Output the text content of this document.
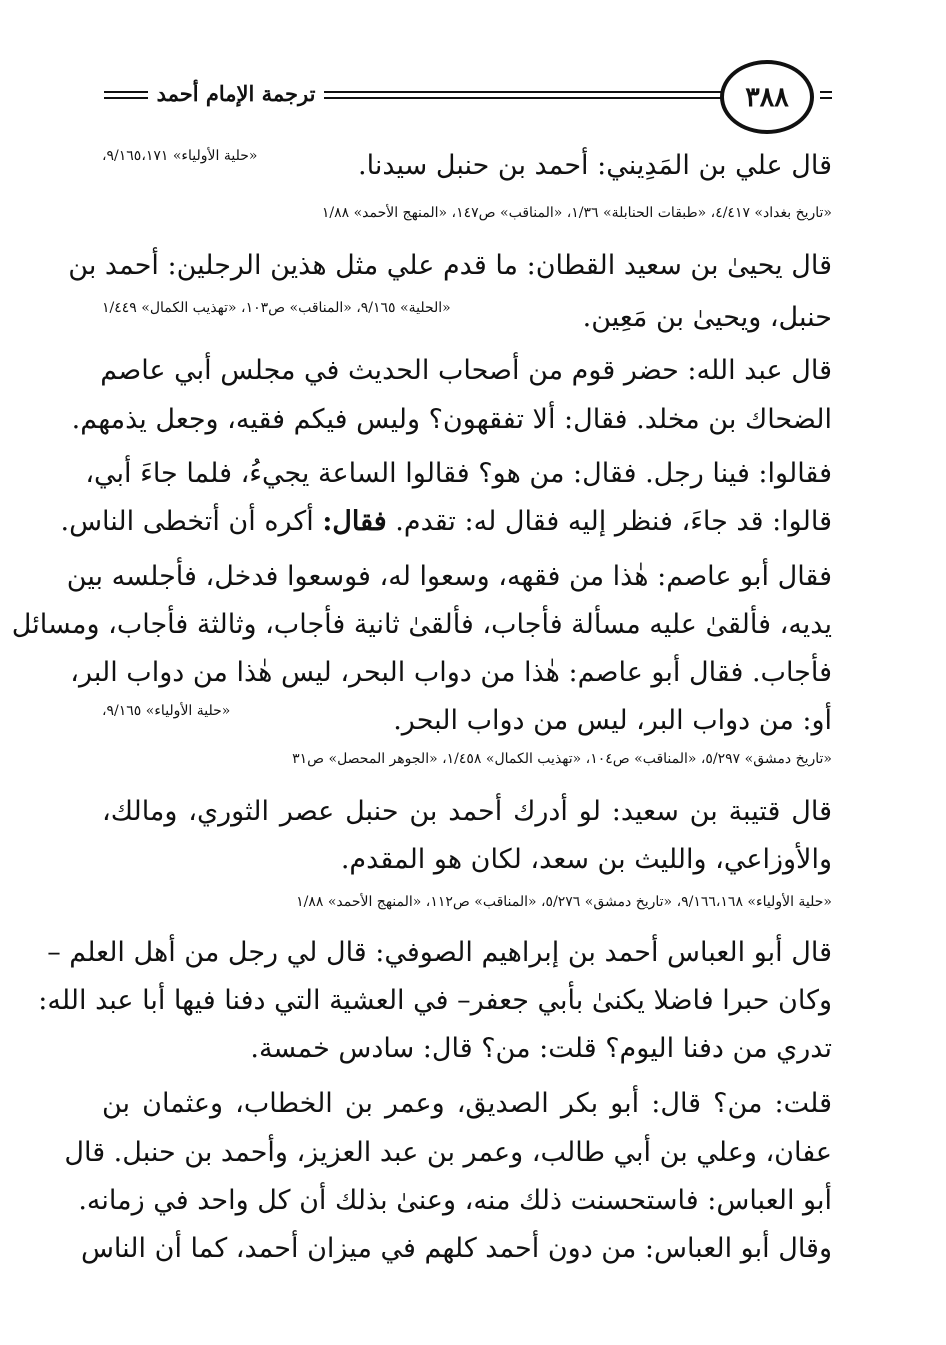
ترجمة الإمام أحمد	٣٨٨
قال علي بن المَدِيني: أحمد بن حنبل سيدنا.
«حلية الأولياء» ٩/١٦٥،١٧١،
«تاريخ بغداد» ٤/٤١٧، «طبقات الحنابلة» ١/٣٦، «المناقب» ص١٤٧، «المنهج الأحمد» ١/٨٨
قال يحيىٰ بن سعيد القطان: ما قدم علي مثل هذين الرجلين: أحمد بن
حنبل، ويحيىٰ بن مَعِين.
«الحلية» ٩/١٦٥، «المناقب» ص١٠٣، «تهذيب الكمال» ١/٤٤٩
قال عبد الله: حضر قوم من أصحاب الحديث في مجلس أبي عاصم
الضحاك بن مخلد. فقال: ألا تفقهون؟ وليس فيكم فقيه، وجعل يذمهم.
فقالوا: فينا رجل. فقال: من هو؟ فقالوا الساعة يجيءُ، فلما جاءَ أبي،
قالوا: قد جاءَ، فنظر إليه فقال له: تقدم. فقال: أكره أن أتخطى الناس.
فقال أبو عاصم: هٰذا من فقهه، وسعوا له، فوسعوا فدخل، فأجلسه بين
يديه، فألقىٰ عليه مسألة فأجاب، فألقىٰ ثانية فأجاب، وثالثة فأجاب، ومسائل
فأجاب. فقال أبو عاصم: هٰذا من دواب البحر، ليس هٰذا من دواب البر،
أو: من دواب البر، ليس من دواب البحر.
«حلية الأولياء» ٩/١٦٥،
«تاريخ دمشق» ٥/٢٩٧، «المناقب» ص١٠٤، «تهذيب الكمال» ١/٤٥٨، «الجوهر المحصل» ص٣١
قال قتيبة بن سعيد: لو أدرك أحمد بن حنبل عصر الثوري، ومالك،
والأوزاعي، والليث بن سعد، لكان هو المقدم.
«حلية الأولياء» ٩/١٦٦،١٦٨، «تاريخ دمشق» ٥/٢٧٦، «المناقب» ص١١٢، «المنهج الأحمد» ١/٨٨
قال أبو العباس أحمد بن إبراهيم الصوفي: قال لي رجل من أهل العلم –
وكان حبرا فاضلا يكنىٰ بأبي جعفر– في العشية التي دفنا فيها أبا عبد الله:
تدري من دفنا اليوم؟ قلت: من؟ قال: سادس خمسة.
قلت: من؟ قال: أبو بكر الصديق، وعمر بن الخطاب، وعثمان بن
عفان، وعلي بن أبي طالب، وعمر بن عبد العزيز، وأحمد بن حنبل. قال
أبو العباس: فاستحسنت ذلك منه، وعنىٰ بذلك أن كل واحد في زمانه.
وقال أبو العباس: من دون أحمد كلهم في ميزان أحمد، كما أن الناس
